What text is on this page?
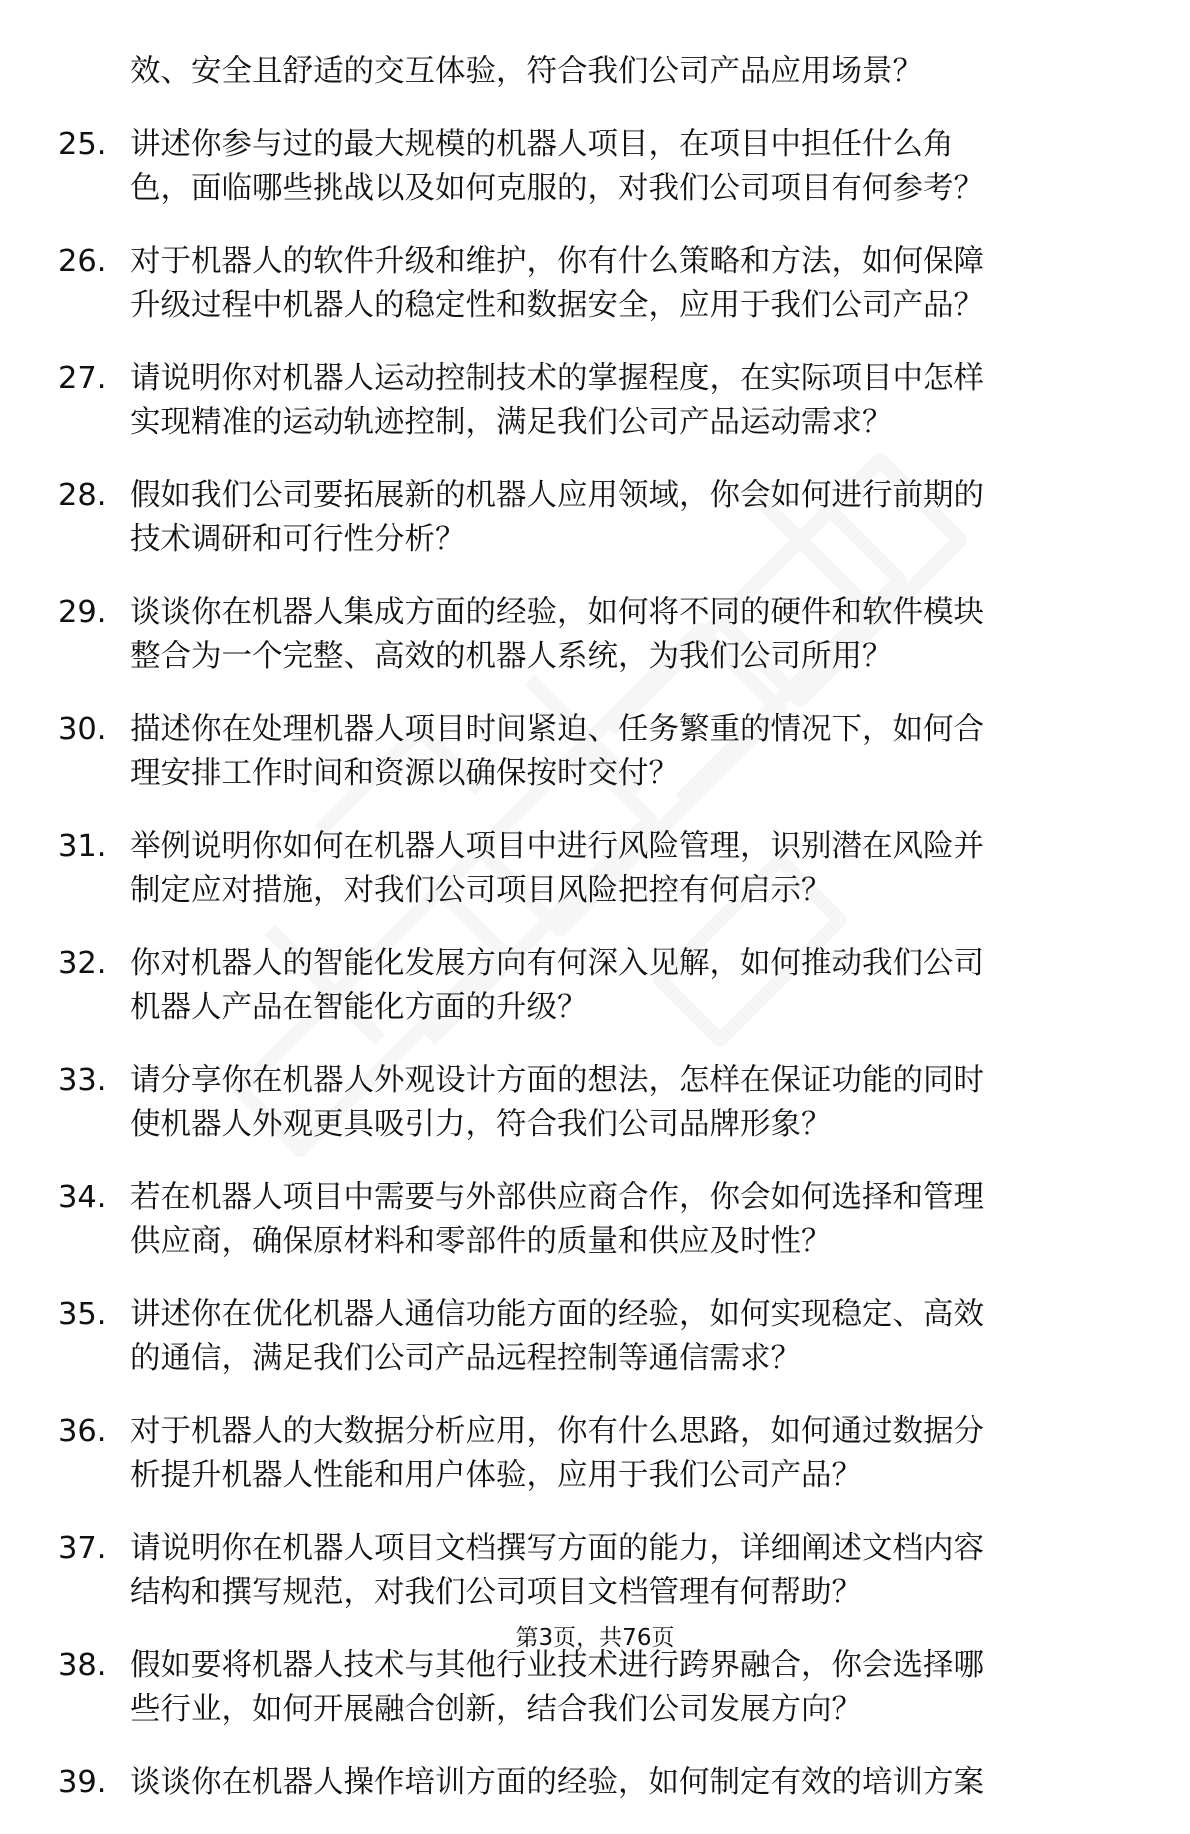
效、安全且舒适的交互体验，符合我们公司产品应用场景？
25. 讲述你参与过的最大规模的机器人项目，在项目中担任什么角
色，面临哪些挑战以及如何克服的，对我们公司项目有何参考？
26. 对于机器人的软件升级和维护，你有什么策略和方法，如何保障
升级过程中机器人的稳定性和数据安全，应用于我们公司产品？
27. 请说明你对机器人运动控制技术的掌握程度，在实际项目中怎样
实现精准的运动轨迹控制，满足我们公司产品运动需求？
28. 假如我们公司要拓展新的机器人应用领域，你会如何进行前期的
技术调研和可行性分析？
29. 谈谈你在机器人集成方面的经验，如何将不同的硬件和软件模块
整合为一个完整、高效的机器人系统，为我们公司所用？
30. 描述你在处理机器人项目时间紧迫、任务繁重的情况下，如何合
理安排工作时间和资源以确保按时交付？
31. 举例说明你如何在机器人项目中进行风险管理，识别潜在风险并
制定应对措施，对我们公司项目风险把控有何启示？
32. 你对机器人的智能化发展方向有何深入见解，如何推动我们公司
机器人产品在智能化方面的升级？
33. 请分享你在机器人外观设计方面的想法，怎样在保证功能的同时
使机器人外观更具吸引力，符合我们公司品牌形象？
34. 若在机器人项目中需要与外部供应商合作，你会如何选择和管理
供应商，确保原材料和零部件的质量和供应及时性？
35. 讲述你在优化机器人通信功能方面的经验，如何实现稳定、高效
的通信，满足我们公司产品远程控制等通信需求？
36. 对于机器人的大数据分析应用，你有什么思路，如何通过数据分
析提升机器人性能和用户体验，应用于我们公司产品？
37. 请说明你在机器人项目文档撰写方面的能力，详细阐述文档内容
结构和撰写规范，对我们公司项目文档管理有何帮助？
38. 假如要将机器人技术与其他行业技术进行跨界融合，你会选择哪
些行业，如何开展融合创新，结合我们公司发展方向？
39. 谈谈你在机器人操作培训方面的经验，如何制定有效的培训方案
第3页，共76页
